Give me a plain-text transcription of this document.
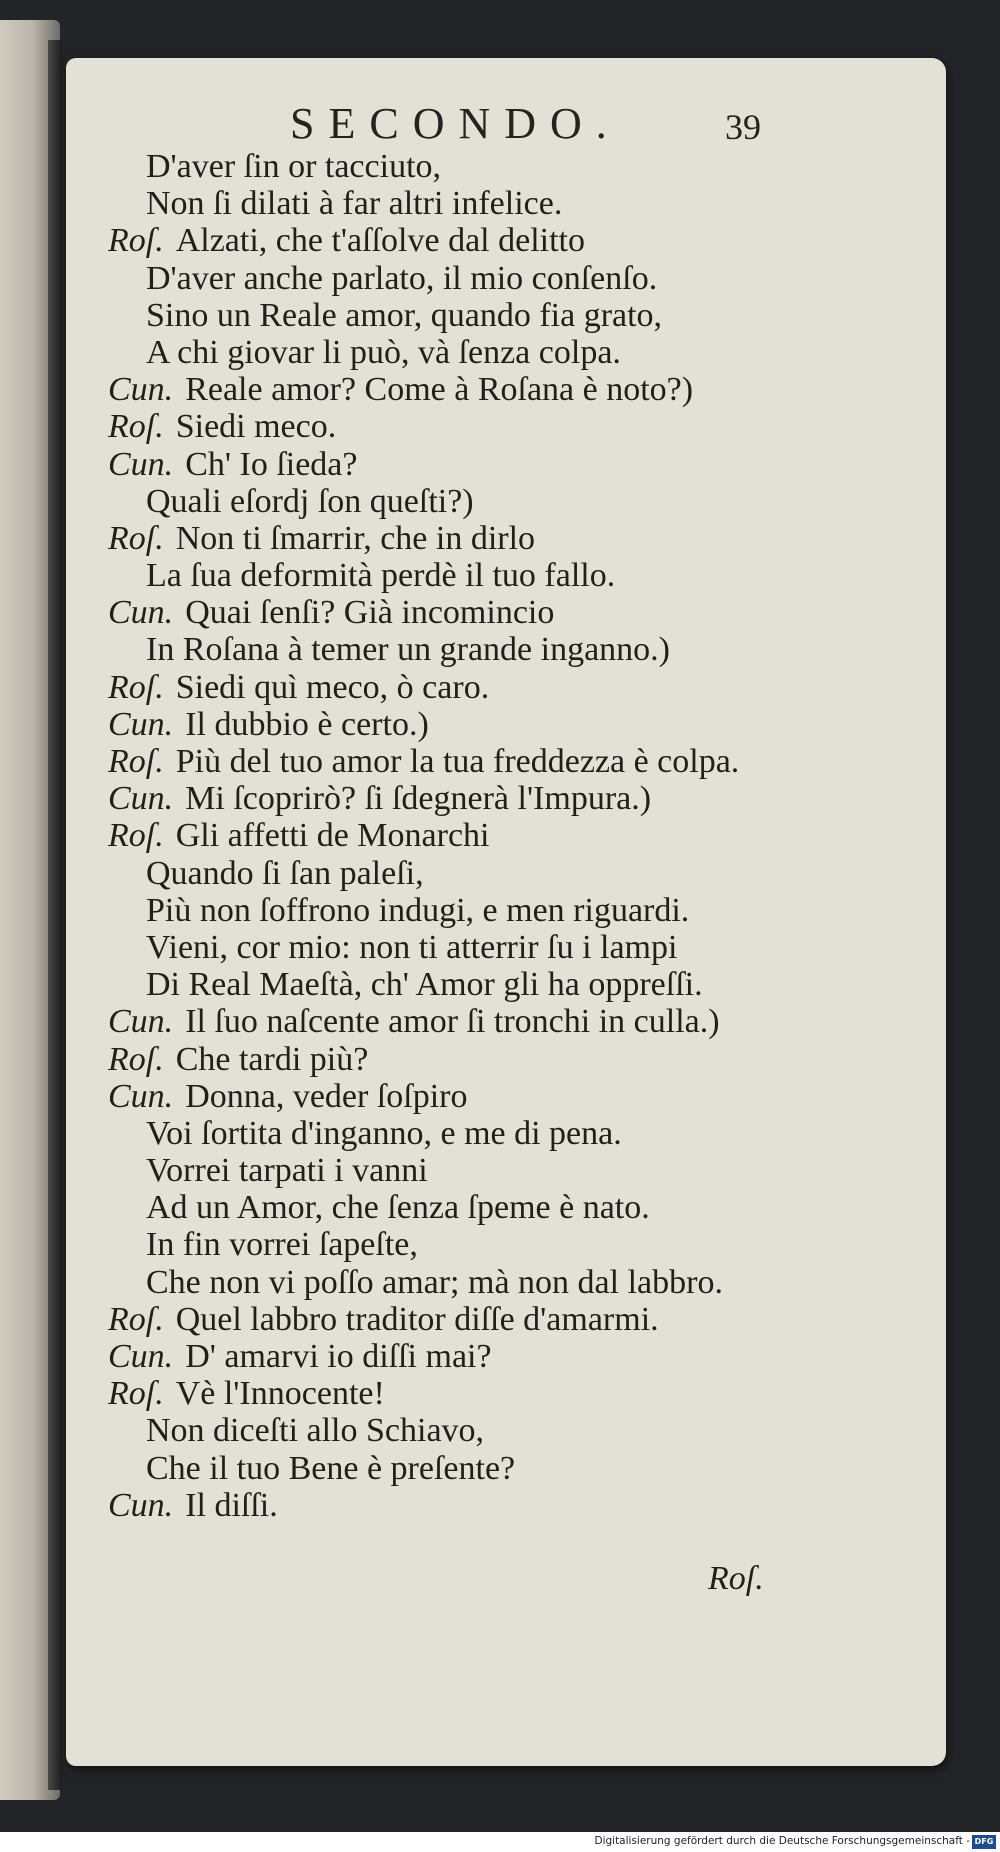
SECONDO.	39
D'aver ſin or tacciuto,
Non ſi dilati à far altri infelice.
Roſ. Alzati, che t'aſſolve dal delitto
D'aver anche parlato, il mio conſenſo.
Sino un Reale amor, quando fia grato,
A chi giovar li può, và ſenza colpa.
Cun. Reale amor? Come à Roſana è noto?)
Roſ. Siedi meco.
Cun. Ch' Io ſieda?
Quali eſordj ſon queſti?)
Roſ. Non ti ſmarrir, che in dirlo
La ſua deformità perdè il tuo fallo.
Cun. Quai ſenſi? Già incomincio
In Roſana à temer un grande inganno.)
Roſ. Siedi quì meco, ò caro.
Cun. Il dubbio è certo.)
Roſ. Più del tuo amor la tua freddezza è colpa.
Cun. Mi ſcoprirò? ſi ſdegnerà l'Impura.)
Roſ. Gli affetti de Monarchi
Quando ſi ſan paleſi,
Più non ſoffrono indugi, e men riguardi.
Vieni, cor mio: non ti atterrir ſu i lampi
Di Real Maeſtà, ch' Amor gli ha oppreſſi.
Cun. Il ſuo naſcente amor ſi tronchi in culla.)
Roſ. Che tardi più?
Cun. Donna, veder ſoſpiro
Voi ſortita d'inganno, e me di pena.
Vorrei tarpati i vanni
Ad un Amor, che ſenza ſpeme è nato.
In fin vorrei ſapeſte,
Che non vi poſſo amar; mà non dal labbro.
Roſ. Quel labbro traditor diſſe d'amarmi.
Cun. D' amarvi io diſſi mai?
Roſ. Vè l'Innocente!
Non diceſti allo Schiavo,
Che il tuo Bene è preſente?
Cun. Il diſſi.
Roſ.
Digitalisierung gefördert durch die Deutsche Forschungsgemeinschaft - DFG
